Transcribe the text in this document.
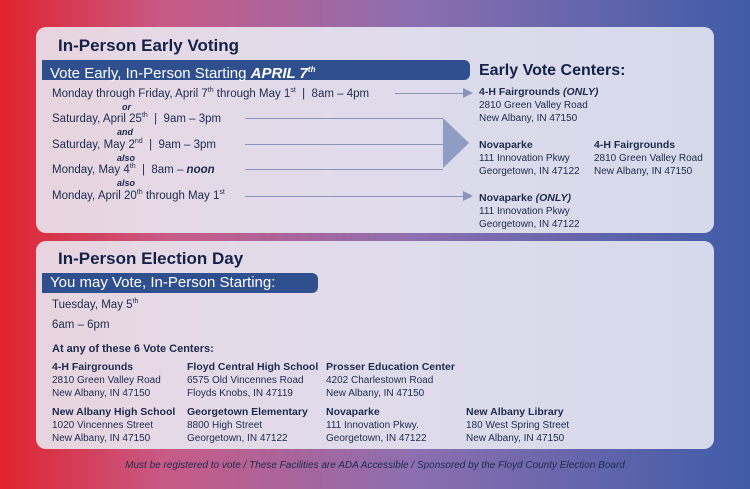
In-Person Early Voting
Vote Early, In-Person Starting APRIL 7th
Monday through Friday, April 7th through May 1st  |  8am – 4pm
or
Saturday, April 25th  |  9am – 3pm
and
Saturday, May 2nd  |  9am – 3pm
also
Monday, May 4th  |  8am – noon
also
Monday, April 20th through May 1st
Early Vote Centers:
4-H Fairgrounds (ONLY)
2810 Green Valley Road
New Albany, IN 47150
Novaparke
111 Innovation Pkwy
Georgetown, IN 47122
4-H Fairgrounds
2810 Green Valley Road
New Albany, IN 47150
Novaparke (ONLY)
111 Innovation Pkwy
Georgetown, IN 47122
In-Person Election Day
You may Vote, In-Person Starting:
Tuesday, May 5th
6am – 6pm
At any of these 6 Vote Centers:
4-H Fairgrounds
2810 Green Valley Road
New Albany, IN 47150
Floyd Central High School
6575 Old Vincennes Road
Floyds Knobs, IN 47119
Prosser Education Center
4202 Charlestown Road
New Albany, IN 47150
New Albany High School
1020 Vincennes Street
New Albany, IN 47150
Georgetown Elementary
8800 High Street
Georgetown, IN 47122
Novaparke
111 Innovation Pkwy.
Georgetown, IN 47122
New Albany Library
180 West Spring Street
New Albany, IN 47150
Must be registered to vote / These Facilities are ADA Accessible / Sponsored by the Floyd County Election Board
